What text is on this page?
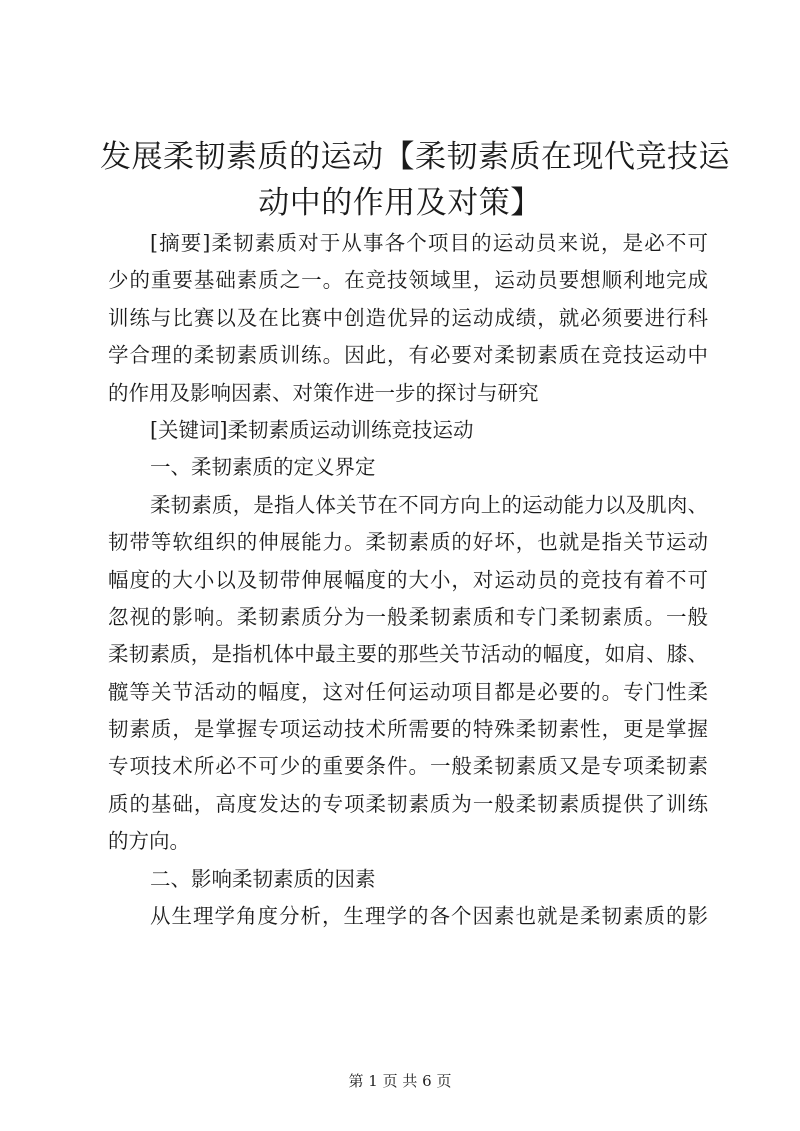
发展柔韧素质的运动【柔韧素质在现代竞技运
动中的作用及对策】
[摘要]柔韧素质对于从事各个项目的运动员来说，是必不可
少的重要基础素质之一。在竞技领域里，运动员要想顺利地完成
训练与比赛以及在比赛中创造优异的运动成绩，就必须要进行科
学合理的柔韧素质训练。因此，有必要对柔韧素质在竞技运动中
的作用及影响因素、对策作进一步的探讨与研究
[关键词]柔韧素质运动训练竞技运动
一、柔韧素质的定义界定
柔韧素质，是指人体关节在不同方向上的运动能力以及肌肉、
韧带等软组织的伸展能力。柔韧素质的好坏，也就是指关节运动
幅度的大小以及韧带伸展幅度的大小，对运动员的竞技有着不可
忽视的影响。柔韧素质分为一般柔韧素质和专门柔韧素质。一般
柔韧素质，是指机体中最主要的那些关节活动的幅度，如肩、膝、
髋等关节活动的幅度，这对任何运动项目都是必要的。专门性柔
韧素质，是掌握专项运动技术所需要的特殊柔韧素性，更是掌握
专项技术所必不可少的重要条件。一般柔韧素质又是专项柔韧素
质的基础，高度发达的专项柔韧素质为一般柔韧素质提供了训练
的方向。
二、影响柔韧素质的因素
从生理学角度分析，生理学的各个因素也就是柔韧素质的影
第 1 页 共 6 页
